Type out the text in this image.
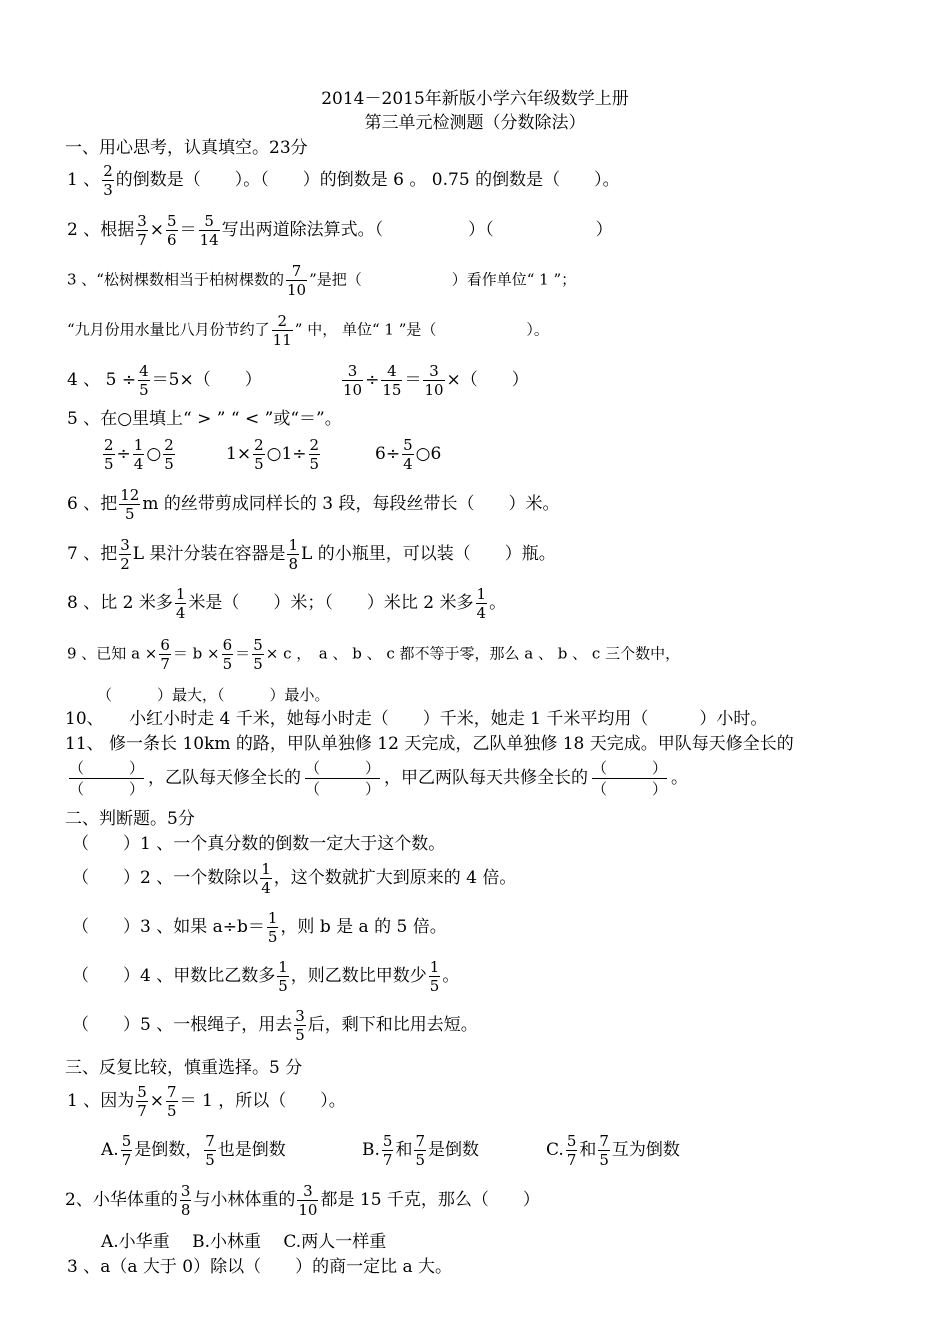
2014－2015年新版小学六年级数学上册
第三单元检测题（分数除法）
一、用心思考，认真填空。23分
1 、 $\frac{2}{3}$ 的倒数是（　　）。（　　）的倒数是 6 。 0.75 的倒数是（　　）。
2 、根据 $\frac{3}{7} \times \frac{5}{6} = \frac{5}{14}$ 写出两道除法算式。（　　　　　）（　　　　　　）
3 、“松树棵数相当于柏树棵数的 $\frac{7}{10}$ ”是把（　　　　　　）看作单位“ 1 ”；
“九月份用水量比八月份节约了 $\frac{2}{11}$ ” 中， 单位“ 1 ”是（　　　　　　）。
4 、 $5 \div \frac{4}{5} =5\times$（　　）	$\frac{3}{10} \div \frac{4}{15} = \frac{3}{10}$ ×（　　）
5 、在○里填上“ > ” “ < ”或“＝”。
$\frac{2}{5} \div \frac{1}{4}$ ○ $\frac{2}{5}$	$1\times \frac{2}{5}$ ○1÷ $\frac{2}{5}$	$6\div \frac{5}{4}$ ○6
6 、把 $\frac{12}{5}$ m 的丝带剪成同样长的 3 段，每段丝带长（　　）米。
7 、把 $\frac{3}{2}$ L 果汁分装在容器是 $\frac{1}{8}$ L 的小瓶里，可以装（　　）瓶。
8 、比 2 米多 $\frac{1}{4}$ 米是（　　）米；（　　）米比 2 米多 $\frac{1}{4}$ 。
9 、已知 $a \times \frac{6}{7} = b \times \frac{6}{5} = \frac{5}{5} \times c$ ，　a 、 b 、 c 都不等于零，那么 a 、 b 、 c 三个数中，
（　　　）最大，（　　　）最小。
10、　　小红小时走 4 千米，她每小时走（　　）千米，她走 1 千米平均用（　　　）小时。
11、 修一条长 10km 的路，甲队单独修 12 天完成，乙队单独修 18 天完成。甲队每天修全长的
（　　　）
（　　　）
，乙队每天修全长的 （　　　）
（　　　）
，甲乙两队每天共修全长的 （　　　）
（　　　）
。
二、判断题。5分
（　　）1 、一个真分数的倒数一定大于这个数。
（　　）2 、一个数除以 $\frac{1}{4}$ ，这个数就扩大到原来的 4 倍。
（　　）3 、如果 $a\div b= \frac{1}{5}$ ，则 b 是 a 的 5 倍。
（　　）4 、甲数比乙数多 $\frac{1}{5}$ ，则乙数比甲数少 $\frac{1}{5}$ 。
（　　）5 、一根绳子，用去 $\frac{3}{5}$ 后，剩下和比用去短。
三、反复比较，慎重选择。5 分
1 、因为 $\frac{5}{7} \times \frac{7}{5} = 1$ ，所以（　　）。
A. $\frac{5}{7}$ 是倒数， $\frac{7}{5}$ 也是倒数	B. $\frac{5}{7}$ 和 $\frac{7}{5}$ 是倒数	C. $\frac{5}{7}$ 和 $\frac{7}{5}$ 互为倒数
2、小华体重的 $\frac{3}{8}$ 与小林体重的 $\frac{3}{10}$ 都是 15 千克，那么（　　）
A.小华重　 B.小林重　 C.两人一样重
3 、a（a 大于 0）除以（　　）的商一定比 a 大。
